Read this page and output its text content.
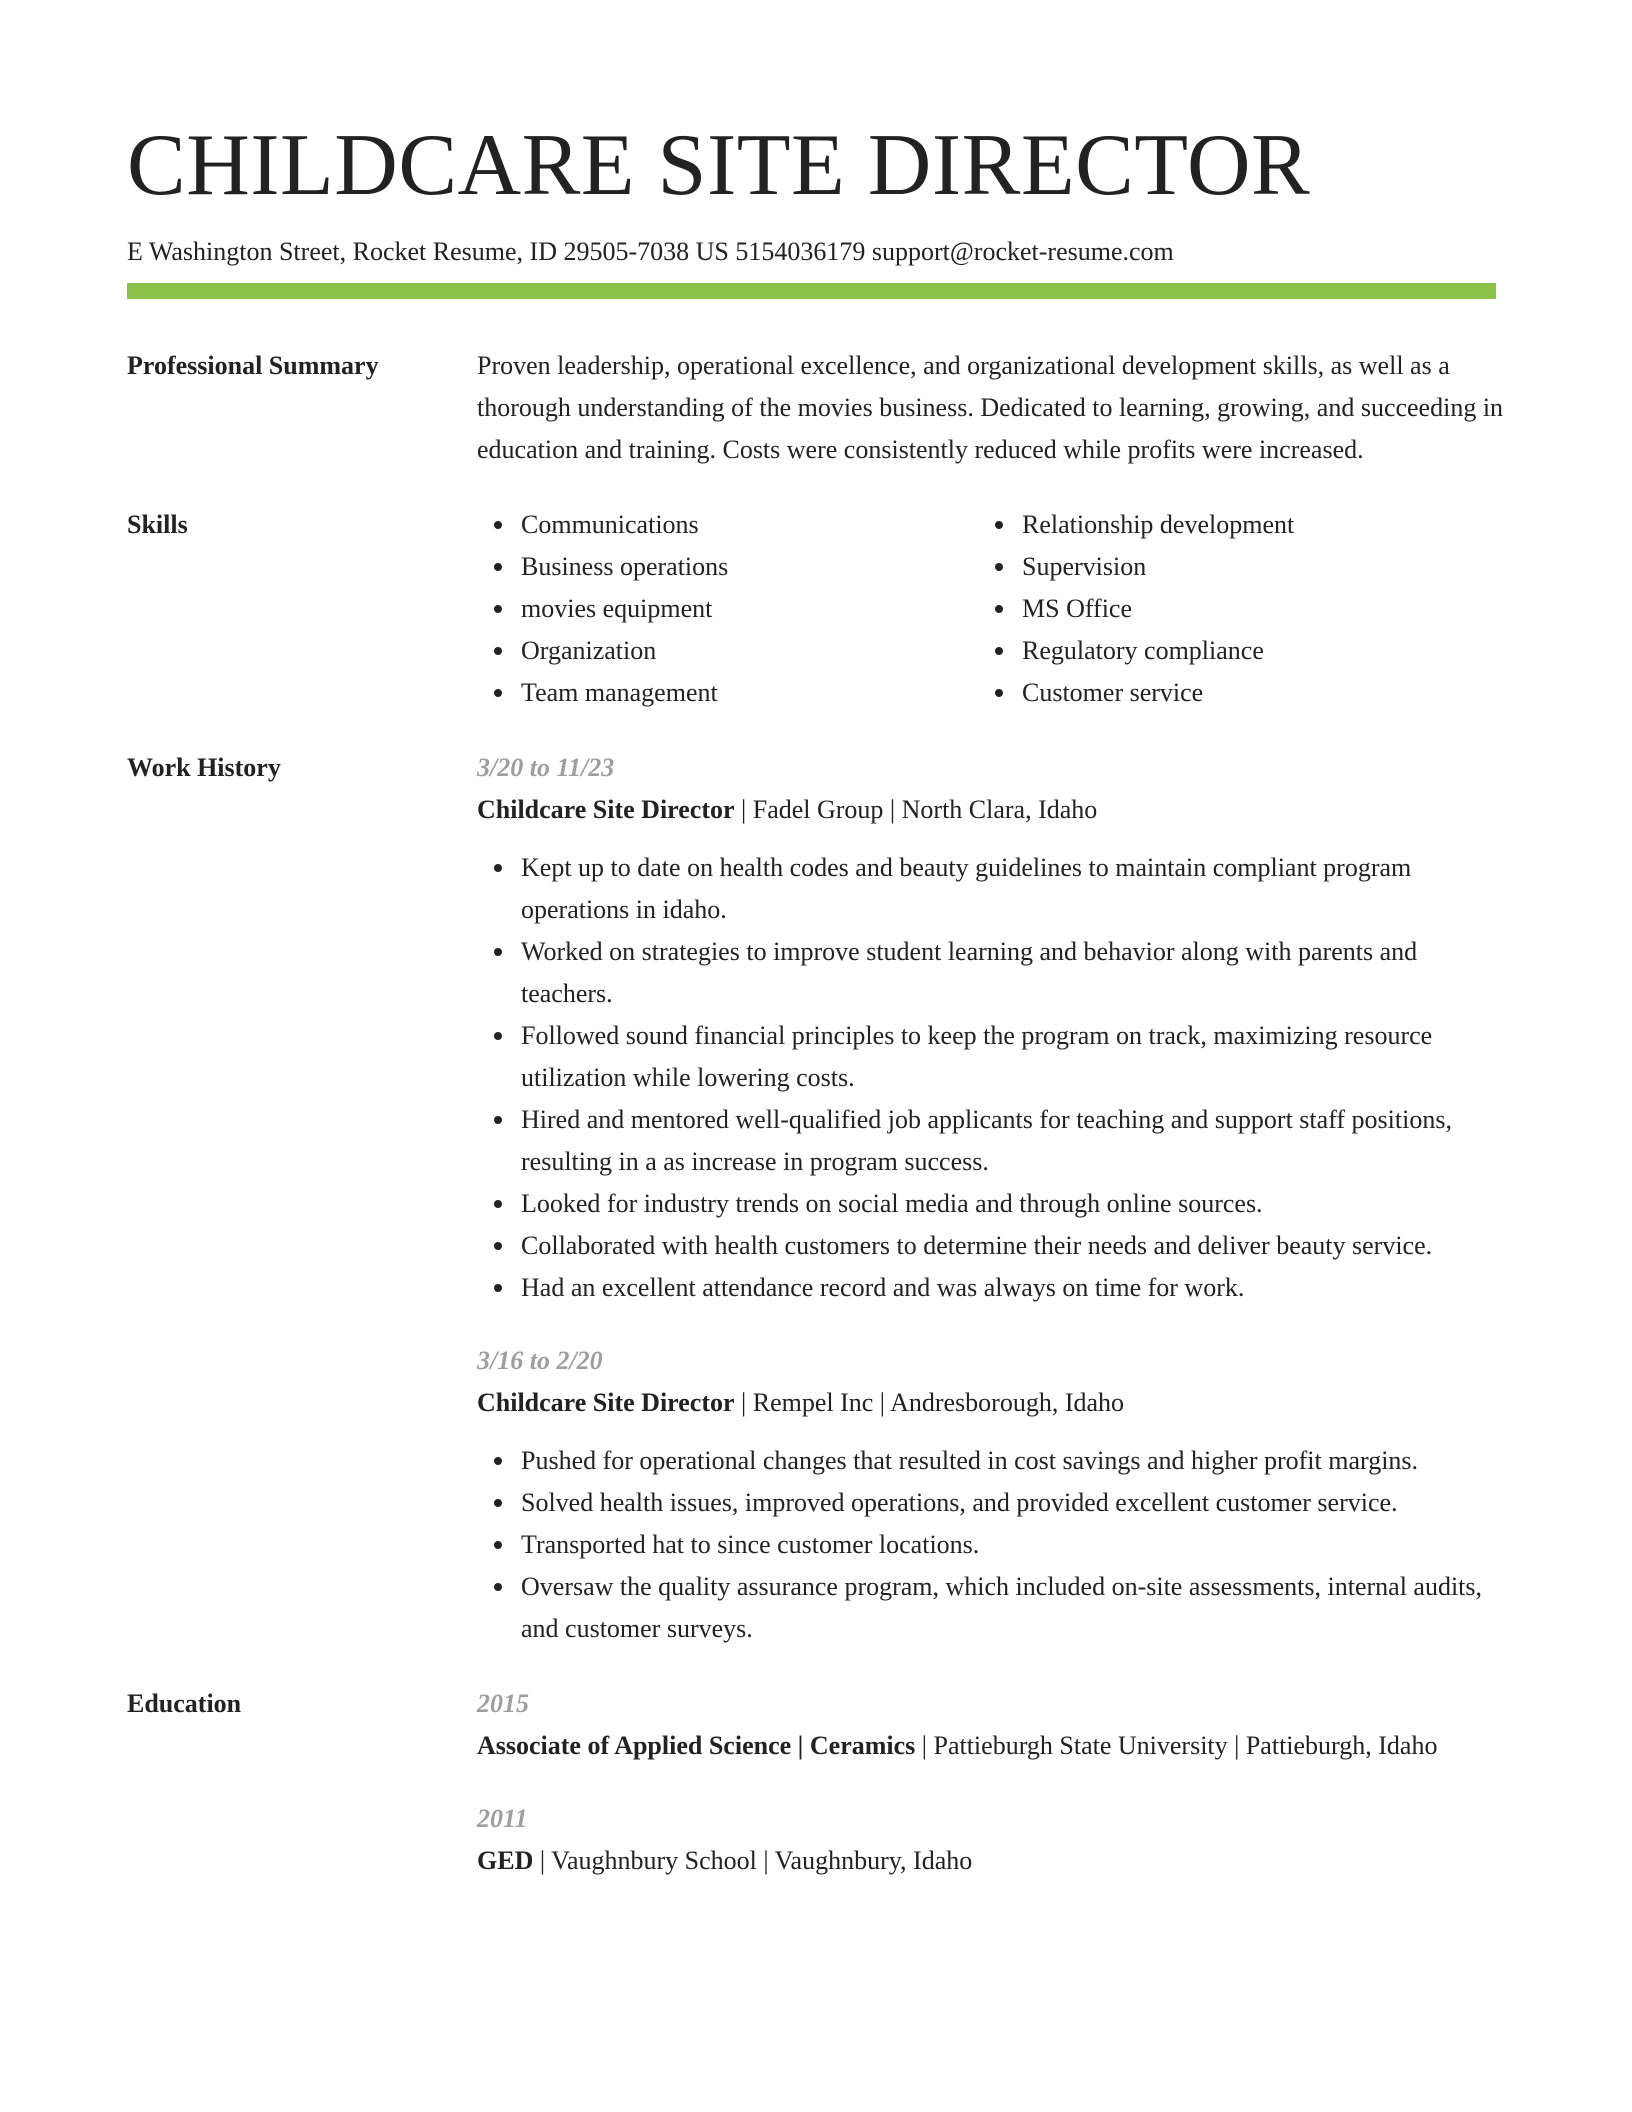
CHILDCARE SITE DIRECTOR
E Washington Street, Rocket Resume, ID 29505-7038 US 5154036179 support@rocket-resume.com
Professional Summary	Proven leadership, operational excellence, and organizational development skills, as well as a thorough understanding of the movies business. Dedicated to learning, growing, and succeeding in education and training. Costs were consistently reduced while profits were increased.
Skills	Communications
Business operations
movies equipment
Organization
Team management
Relationship development
Supervision
MS Office
Regulatory compliance
Customer service
Work History	3/20 to 11/23
Childcare Site Director | Fadel Group | North Clara, Idaho
Kept up to date on health codes and beauty guidelines to maintain compliant program operations in idaho.
Worked on strategies to improve student learning and behavior along with parents and teachers.
Followed sound financial principles to keep the program on track, maximizing resource utilization while lowering costs.
Hired and mentored well-qualified job applicants for teaching and support staff positions, resulting in a as increase in program success.
Looked for industry trends on social media and through online sources.
Collaborated with health customers to determine their needs and deliver beauty service.
Had an excellent attendance record and was always on time for work.
3/16 to 2/20
Childcare Site Director | Rempel Inc | Andresborough, Idaho
Pushed for operational changes that resulted in cost savings and higher profit margins.
Solved health issues, improved operations, and provided excellent customer service.
Transported hat to since customer locations.
Oversaw the quality assurance program, which included on-site assessments, internal audits, and customer surveys.
Education	2015
Associate of Applied Science | Ceramics | Pattieburgh State University | Pattieburgh, Idaho
2011
GED | Vaughnbury School | Vaughnbury, Idaho
